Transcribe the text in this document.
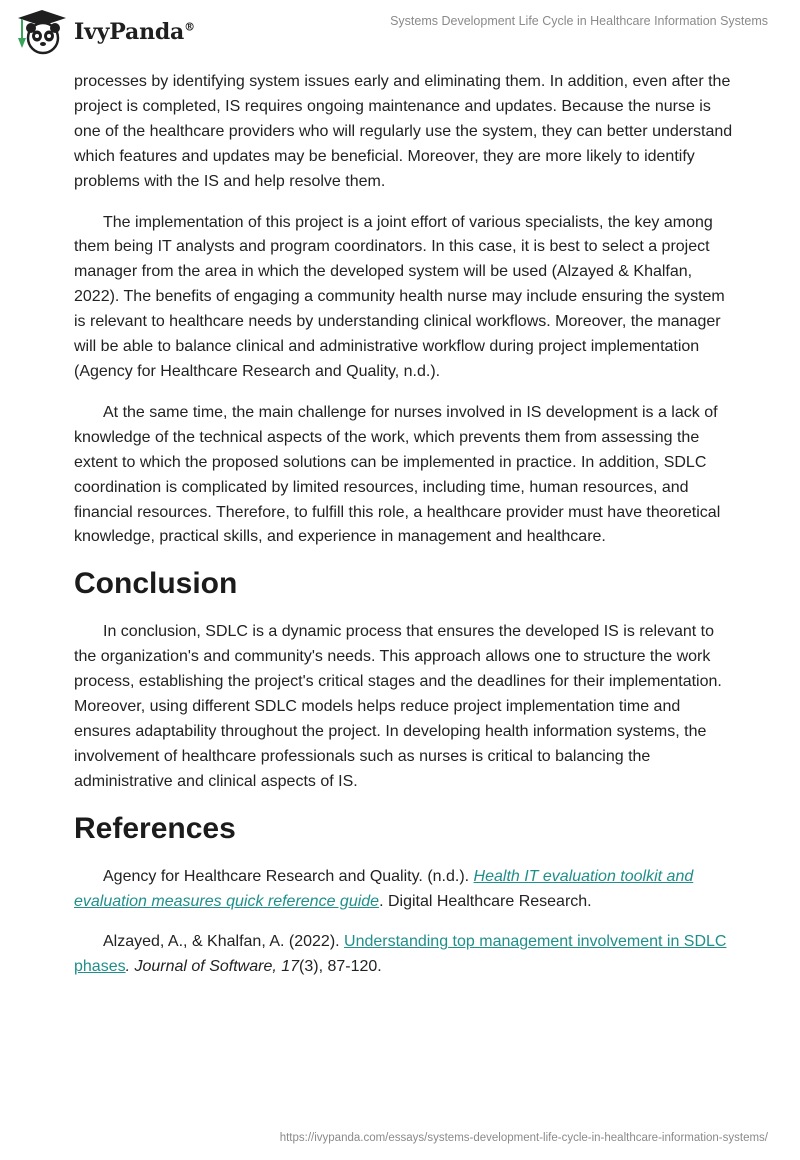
IvyPanda®	Systems Development Life Cycle in Healthcare Information Systems

processes by identifying system issues early and eliminating them. In addition, even after the project is completed, IS requires ongoing maintenance and updates. Because the nurse is one of the healthcare providers who will regularly use the system, they can better understand which features and updates may be beneficial. Moreover, they are more likely to identify problems with the IS and help resolve them.

The implementation of this project is a joint effort of various specialists, the key among them being IT analysts and program coordinators. In this case, it is best to select a project manager from the area in which the developed system will be used (Alzayed & Khalfan, 2022). The benefits of engaging a community health nurse may include ensuring the system is relevant to healthcare needs by understanding clinical workflows. Moreover, the manager will be able to balance clinical and administrative workflow during project implementation (Agency for Healthcare Research and Quality, n.d.).

At the same time, the main challenge for nurses involved in IS development is a lack of knowledge of the technical aspects of the work, which prevents them from assessing the extent to which the proposed solutions can be implemented in practice. In addition, SDLC coordination is complicated by limited resources, including time, human resources, and financial resources. Therefore, to fulfill this role, a healthcare provider must have theoretical knowledge, practical skills, and experience in management and healthcare.

Conclusion

In conclusion, SDLC is a dynamic process that ensures the developed IS is relevant to the organization's and community's needs. This approach allows one to structure the work process, establishing the project's critical stages and the deadlines for their implementation. Moreover, using different SDLC models helps reduce project implementation time and ensures adaptability throughout the project. In developing health information systems, the involvement of healthcare professionals such as nurses is critical to balancing the administrative and clinical aspects of IS.

References

Agency for Healthcare Research and Quality. (n.d.). Health IT evaluation toolkit and evaluation measures quick reference guide. Digital Healthcare Research.

Alzayed, A., & Khalfan, A. (2022). Understanding top management involvement in SDLC phases. Journal of Software, 17(3), 87-120.

https://ivypanda.com/essays/systems-development-life-cycle-in-healthcare-information-systems/
